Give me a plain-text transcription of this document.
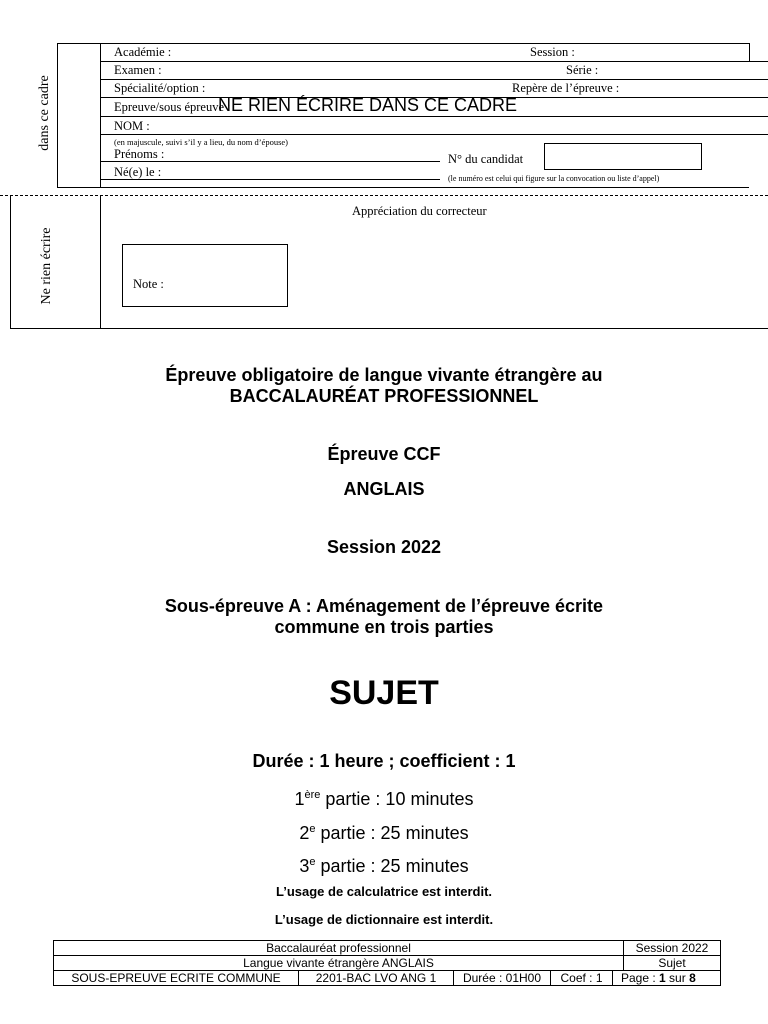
dans ce cadre
Académie :	Session :
Examen :	Série :
Spécialité/option :	Repère de l’épreuve :
Epreuve/sous épreuve :
NE RIEN ÉCRIRE DANS CE CADRE
NOM :
(en majuscule, suivi s’il y a lieu, du nom d’épouse)
Prénoms :	N° du candidat
Né(e) le :	(le numéro est celui qui figure sur la convocation ou liste d’appel)
Ne rien écrire
Appréciation du correcteur
Note :
Épreuve obligatoire de langue vivante étrangère au
BACCALAURÉAT PROFESSIONNEL
Épreuve CCF
ANGLAIS
Session 2022
Sous-épreuve A : Aménagement de l’épreuve écrite
commune en trois parties
SUJET
Durée : 1 heure ; coefficient : 1
1ère partie : 10 minutes
2e partie : 25 minutes
3e partie : 25 minutes
L’usage de calculatrice est interdit.
L’usage de dictionnaire est interdit.
Baccalauréat professionnel					Session 2022
Langue vivante étrangère ANGLAIS					Sujet
SOUS-EPREUVE ECRITE COMMUNE	2201-BAC LVO ANG 1	Durée : 01H00	Coef : 1	Page : 1 sur 8	
